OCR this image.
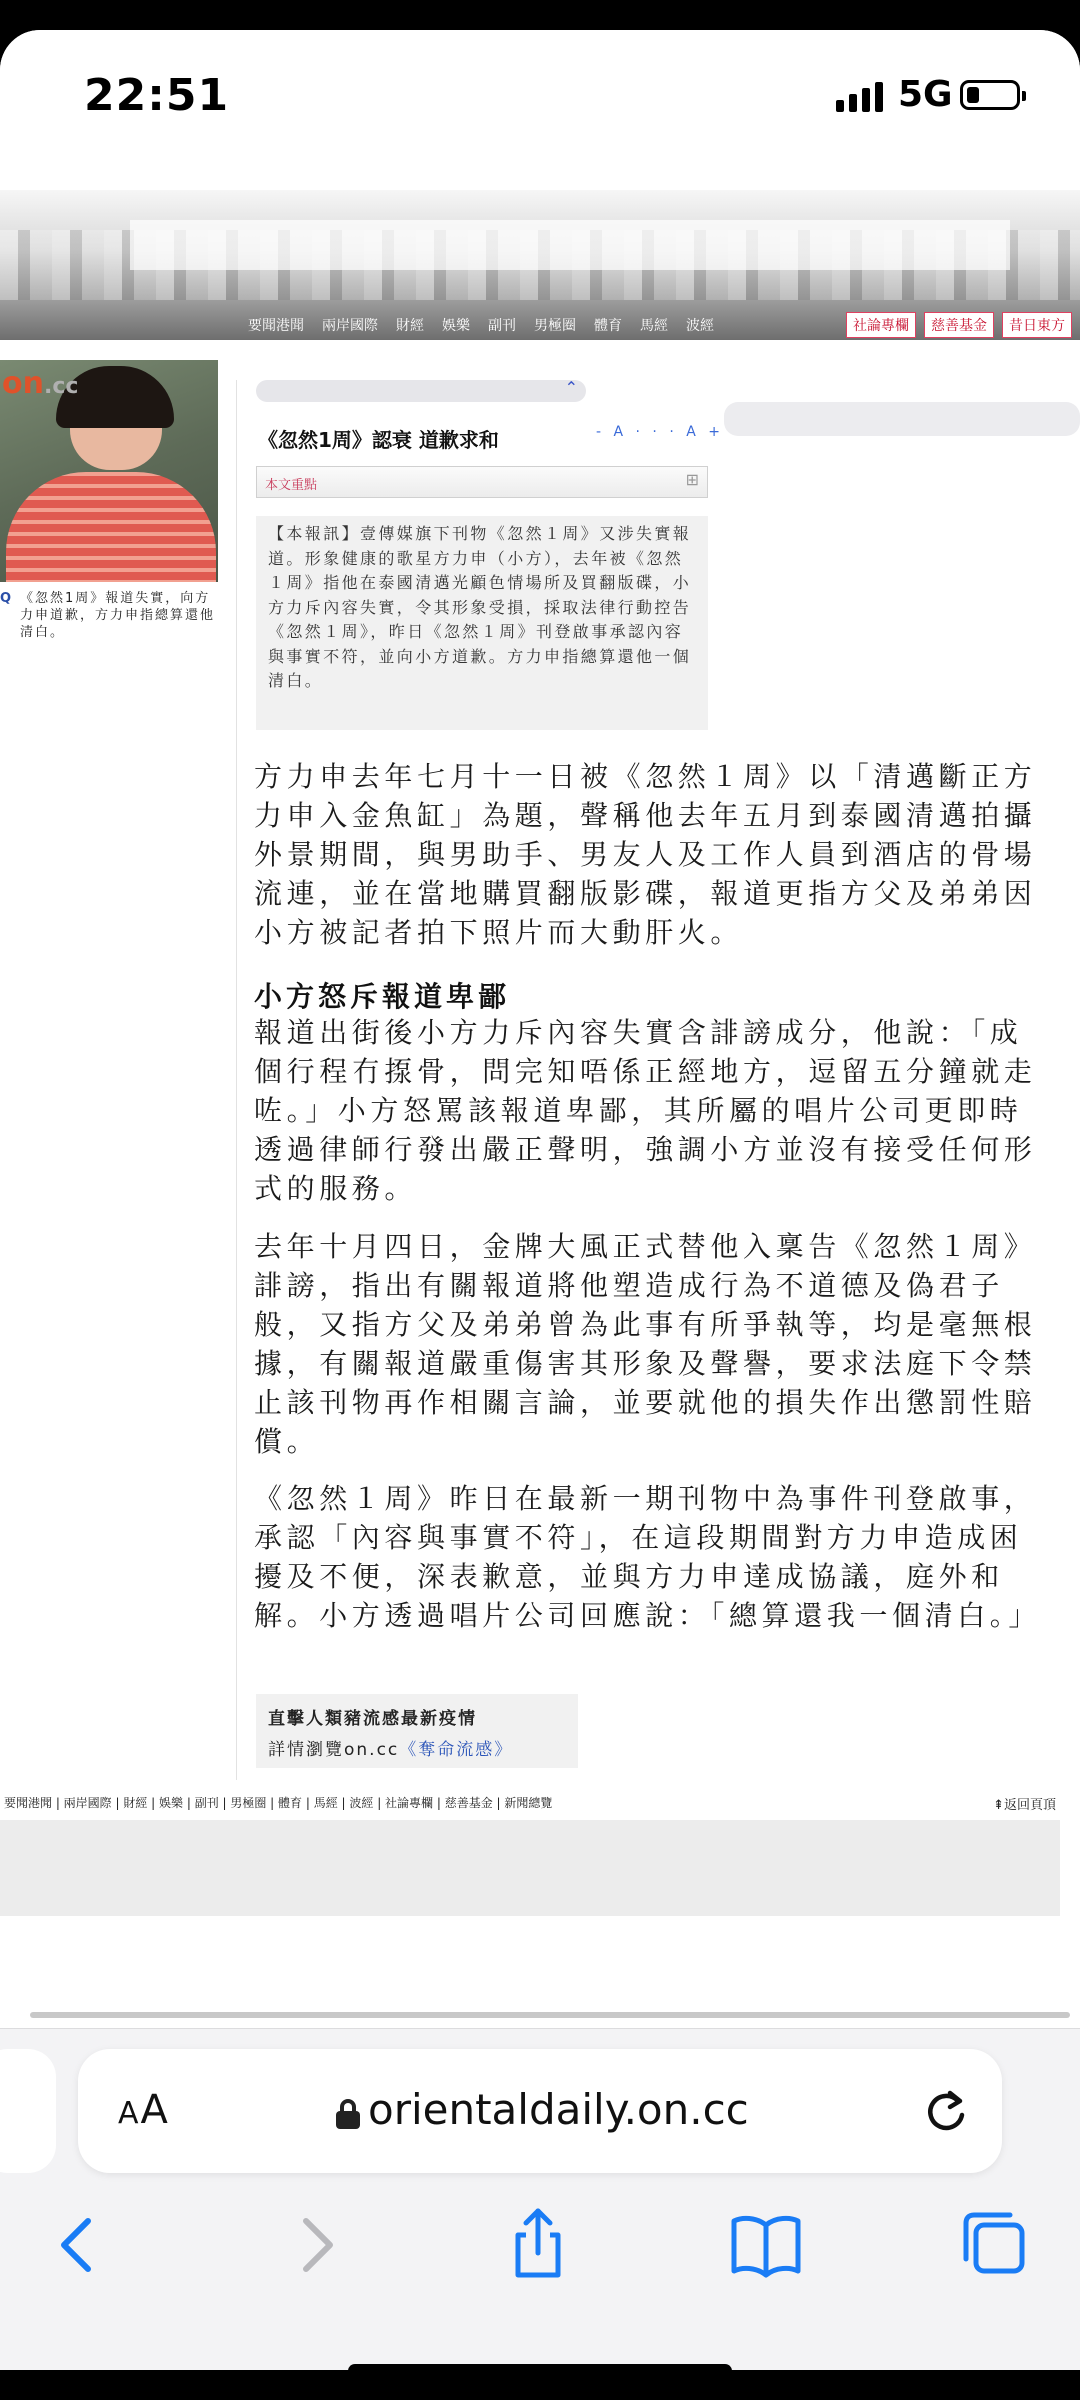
22:51	5G
要聞港聞 兩岸國際 財經 娛樂 副刊 男極圈 體育 馬經 波經	社論專欄	慈善基金	昔日東方
on.cc
Q 《忽然1周》報道失實，向方力申道歉，方力申指總算還他清白。
⌃
《忽然1周》認衰 道歉求和	- A · · · A +
本文重點	⊞
【本報訊】壹傳媒旗下刊物《忽然１周》又涉失實報道。形象健康的歌星方力申（小方），去年被《忽然１周》指他在泰國清邁光顧色情場所及買翻版碟，小方力斥內容失實，令其形象受損，採取法律行動控告《忽然１周》，昨日《忽然１周》刊登啟事承認內容與事實不符，並向小方道歉。方力申指總算還他一個清白。
方力申去年七月十一日被《忽然１周》以「清邁斷正方力申入金魚缸」為題，聲稱他去年五月到泰國清邁拍攝外景期間，與男助手、男友人及工作人員到酒店的骨場流連，並在當地購買翻版影碟，報道更指方父及弟弟因小方被記者拍下照片而大動肝火。
小方怒斥報道卑鄙
報道出街後小方力斥內容失實含誹謗成分，他說：「成個行程冇揼骨，問完知唔係正經地方，逗留五分鐘就走咗。」小方怒罵該報道卑鄙，其所屬的唱片公司更即時透過律師行發出嚴正聲明，強調小方並沒有接受任何形式的服務。
去年十月四日，金牌大風正式替他入稟告《忽然１周》誹謗，指出有關報道將他塑造成行為不道德及偽君子般，又指方父及弟弟曾為此事有所爭執等，均是毫無根據，有關報道嚴重傷害其形象及聲譽，要求法庭下令禁止該刊物再作相關言論，並要就他的損失作出懲罰性賠償。
《忽然１周》昨日在最新一期刊物中為事件刊登啟事，承認「內容與事實不符」，在這段期間對方力申造成困擾及不便，深表歉意，並與方力申達成協議，庭外和解。小方透過唱片公司回應說：「總算還我一個清白。」
直擊人類豬流感最新疫情
詳情瀏覽on.cc《奪命流感》
要聞港聞 | 兩岸國際 | 財經 | 娛樂 | 副刊 | 男極圈 | 體育 | 馬經 | 波經 | 社論專欄 | 慈善基金 | 新聞總覽	⇞返回頁頂
AA	orientaldaily.on.cc
